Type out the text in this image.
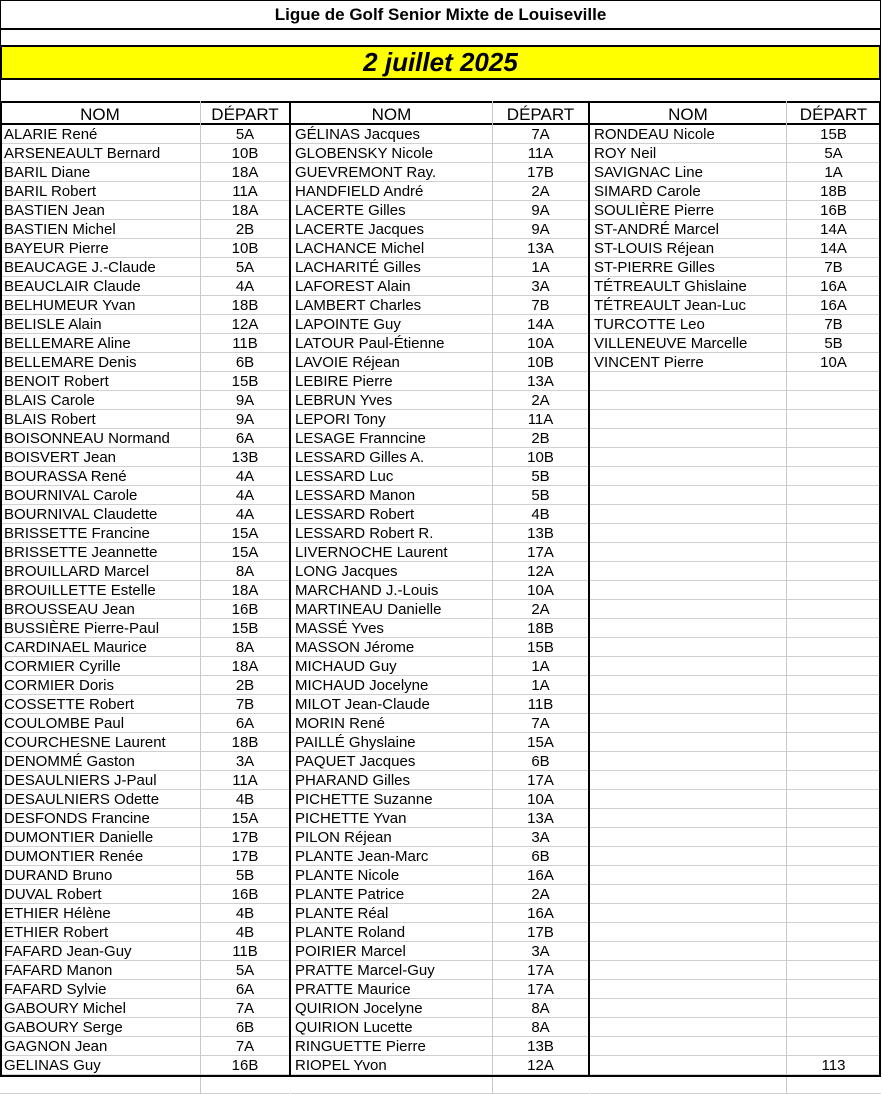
Ligue de Golf Senior Mixte de Louiseville
2 juillet 2025
NOM	DÉPART
ALARIE René	5A
ARSENEAULT Bernard	10B
BARIL Diane	18A
BARIL Robert	11A
BASTIEN Jean	18A
BASTIEN Michel	2B
BAYEUR Pierre	10B
BEAUCAGE J.-Claude	5A
BEAUCLAIR Claude	4A
BELHUMEUR Yvan	18B
BELISLE Alain	12A
BELLEMARE Aline	11B
BELLEMARE Denis	6B
BENOIT Robert	15B
BLAIS Carole	9A
BLAIS Robert	9A
BOISONNEAU Normand	6A
BOISVERT Jean	13B
BOURASSA René	4A
BOURNIVAL Carole	4A
BOURNIVAL Claudette	4A
BRISSETTE Francine	15A
BRISSETTE Jeannette	15A
BROUILLARD Marcel	8A
BROUILLETTE Estelle	18A
BROUSSEAU Jean	16B
BUSSIÈRE Pierre-Paul	15B
CARDINAEL Maurice	8A
CORMIER Cyrille	18A
CORMIER Doris	2B
COSSETTE Robert	7B
COULOMBE Paul	6A
COURCHESNE Laurent	18B
DENOMMÉ Gaston	3A
DESAULNIERS J-Paul	11A
DESAULNIERS Odette	4B
DESFONDS Francine	15A
DUMONTIER Danielle	17B
DUMONTIER Renée	17B
DURAND Bruno	5B
DUVAL Robert	16B
ETHIER Hélène	4B
ETHIER Robert	4B
FAFARD Jean-Guy	11B
FAFARD Manon	5A
FAFARD Sylvie	6A
GABOURY Michel	7A
GABOURY Serge	6B
GAGNON Jean	7A
GELINAS Guy	16B
NOM	DÉPART
GÉLINAS Jacques	7A
GLOBENSKY Nicole	11A
GUEVREMONT Ray.	17B
HANDFIELD André	2A
LACERTE Gilles	9A
LACERTE Jacques	9A
LACHANCE Michel	13A
LACHARITÉ Gilles	1A
LAFOREST Alain	3A
LAMBERT Charles	7B
LAPOINTE Guy	14A
LATOUR Paul-Étienne	10A
LAVOIE Réjean	10B
LEBIRE Pierre	13A
LEBRUN Yves	2A
LEPORI Tony	11A
LESAGE Franncine	2B
LESSARD Gilles A.	10B
LESSARD Luc	5B
LESSARD Manon	5B
LESSARD Robert	4B
LESSARD Robert R.	13B
LIVERNOCHE Laurent	17A
LONG Jacques	12A
MARCHAND J.-Louis	10A
MARTINEAU Danielle	2A
MASSÉ Yves	18B
MASSON Jérome	15B
MICHAUD Guy	1A
MICHAUD Jocelyne	1A
MILOT Jean-Claude	11B
MORIN René	7A
PAILLÉ Ghyslaine	15A
PAQUET Jacques	6B
PHARAND Gilles	17A
PICHETTE Suzanne	10A
PICHETTE Yvan	13A
PILON Réjean	3A
PLANTE Jean-Marc	6B
PLANTE Nicole	16A
PLANTE Patrice	2A
PLANTE Réal	16A
PLANTE Roland	17B
POIRIER Marcel	3A
PRATTE Marcel-Guy	17A
PRATTE Maurice	17A
QUIRION Jocelyne	8A
QUIRION Lucette	8A
RINGUETTE Pierre	13B
RIOPEL Yvon	12A
NOM	DÉPART
RONDEAU Nicole	15B
ROY Neil	5A
SAVIGNAC Line	1A
SIMARD Carole	18B
SOULIÈRE Pierre	16B
ST-ANDRÉ Marcel	14A
ST-LOUIS Réjean	14A
ST-PIERRE Gilles	7B
TÉTREAULT Ghislaine	16A
TÉTREAULT Jean-Luc	16A
TURCOTTE Leo	7B
VILLENEUVE Marcelle	5B
VINCENT Pierre	10A
113
